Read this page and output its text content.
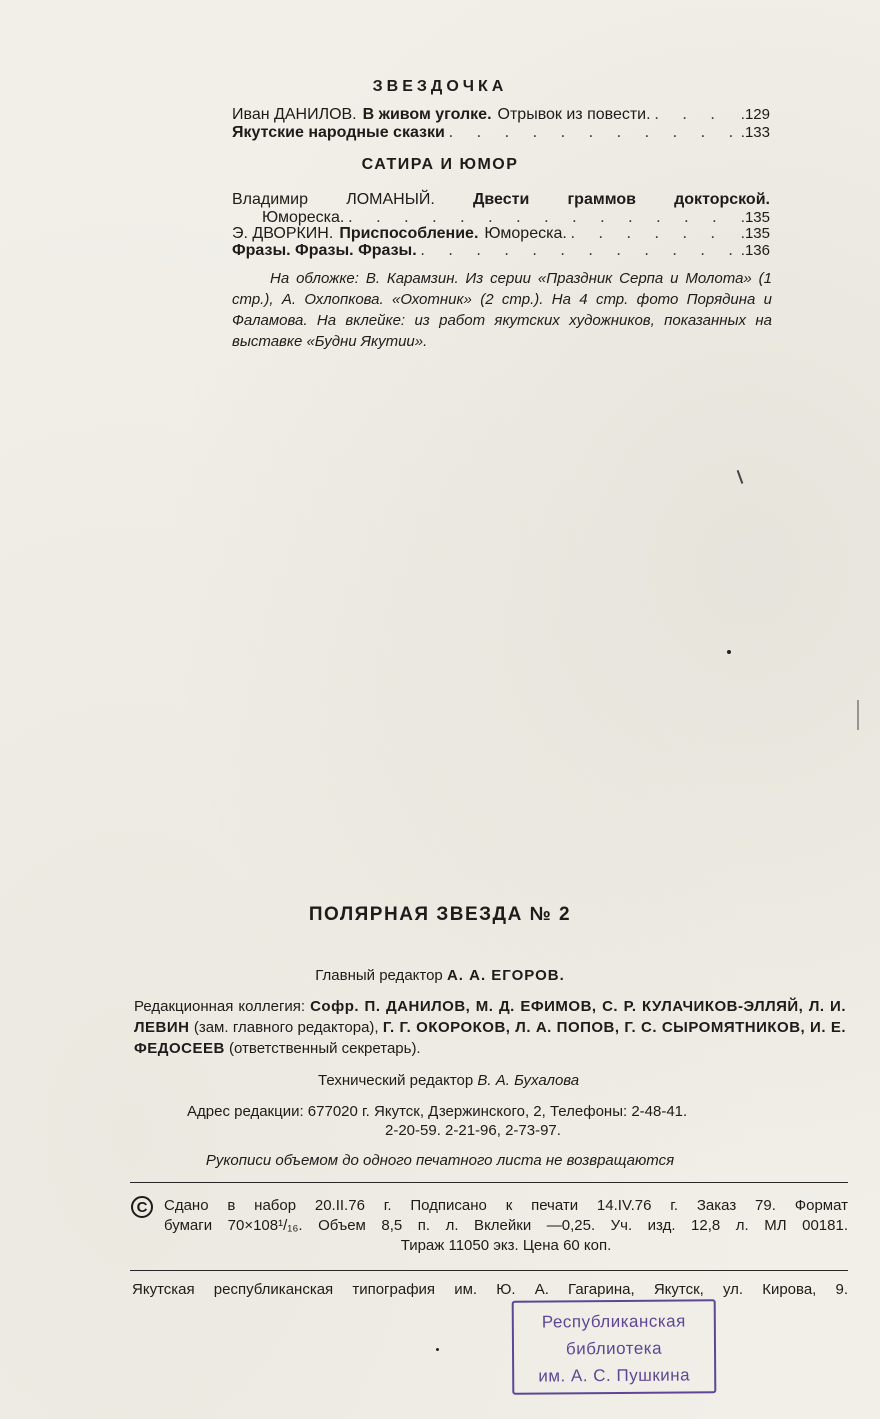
ЗВЕЗДОЧКА
Иван ДАНИЛОВ. В живом уголке. Отрывок из повести. . . .	.129
Якутские народные сказки . . .	.133
САТИРА И ЮМОР
Владимир ЛОМАНЫЙ. Двести граммов докторской.
Юмореска. . . .	.135
Э. ДВОРКИН. Приспособление. Юмореска. . . .	.135
Фразы. Фразы. Фразы. . . .	.136
На обложке: В. Карамзин. Из серии «Праздник Серпа и Молота» (1 стр.), А. Охлопкова. «Охотник» (2 стр.). На 4 стр. фото Порядина и Фаламова. На вклейке: из работ якутских художников, показанных на выставке «Будни Якутии».
ПОЛЯРНАЯ ЗВЕЗДА № 2
Главный редактор А. А. ЕГОРОВ.
Редакционная коллегия: Софр. П. ДАНИЛОВ, М. Д. ЕФИМОВ, С. Р. КУЛАЧИКОВ-ЭЛЛЯЙ, Л. И. ЛЕВИН (зам. главного редактора), Г. Г. ОКОРОКОВ, Л. А. ПОПОВ, Г. С. СЫРОМЯТНИКОВ, И. Е. ФЕДОСЕЕВ (ответственный секретарь).
Технический редактор В. А. Бухалова
Адрес редакции: 677020 г. Якутск, Дзержинского, 2, Телефоны: 2-48-41.
2-20-59. 2-21-96, 2-73-97.
Рукописи объемом до одного печатного листа не возвращаются
C	Сдано в набор 20.II.76 г. Подписано к печати 14.IV.76 г. Заказ 79. Формат
бумаги 70×108¹/₁₆. Объем 8,5 п. л. Вклейки —0,25. Уч. изд. 12,8 л. МЛ 00181.
Тираж 11050 экз. Цена 60 коп.
Якутская республиканская типография им. Ю. А. Гагарина, Якутск, ул. Кирова, 9.
Республиканская
библиотека
им. А. С. Пушкина
